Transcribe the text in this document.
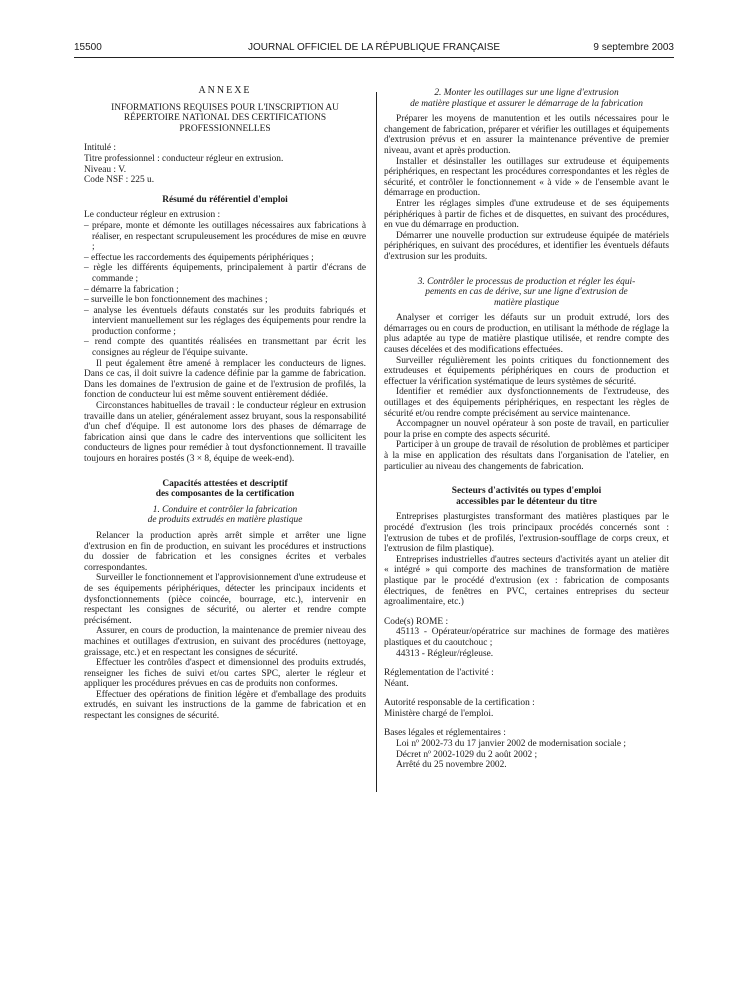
15500	JOURNAL OFFICIEL DE LA RÉPUBLIQUE FRANÇAISE	9 septembre 2003
ANNEXE

INFORMATIONS REQUISES POUR L'INSCRIPTION AU RÉPERTOIRE NATIONAL DES CERTIFICATIONS PROFESSIONNELLES

Intitulé :

Titre professionnel : conducteur régleur en extrusion.

Niveau : V.

Code NSF : 225 u.

Résumé du référentiel d'emploi

Le conducteur régleur en extrusion :

– prépare, monte et démonte les outillages nécessaires aux fabrications à réaliser, en respectant scrupuleusement les procédures de mise en œuvre ;
– effectue les raccordements des équipements périphériques ;
– règle les différents équipements, principalement à partir d'écrans de commande ;
– démarre la fabrication ;
– surveille le bon fonctionnement des machines ;
– analyse les éventuels défauts constatés sur les produits fabriqués et intervient manuellement sur les réglages des équipements pour rendre la production conforme ;
– rend compte des quantités réalisées en transmettant par écrit les consignes au régleur de l'équipe suivante.

Il peut également être amené à remplacer les conducteurs de lignes. Dans ce cas, il doit suivre la cadence définie par la gamme de fabrication. Dans les domaines de l'extrusion de gaine et de l'extrusion de profilés, la fonction de conducteur lui est même souvent entièrement dédiée.

Circonstances habituelles de travail : le conducteur régleur en extrusion travaille dans un atelier, généralement assez bruyant, sous la responsabilité d'un chef d'équipe. Il est autonome lors des phases de démarrage de fabrication ainsi que dans le cadre des interventions que sollicitent les conducteurs de lignes pour remédier à tout dysfonctionnement. Il travaille toujours en horaires postés (3 × 8, équipe de week-end).

Capacités attestées et descriptif

des composantes de la certification

1. Conduire et contrôler la fabrication

de produits extrudés en matière plastique

Relancer la production après arrêt simple et arrêter une ligne d'extrusion en fin de production, en suivant les procédures et instructions du dossier de fabrication et les consignes écrites et verbales correspondantes.

Surveiller le fonctionnement et l'approvisionnement d'une extrudeuse et de ses équipements périphériques, détecter les principaux incidents et dysfonctionnements (pièce coincée, bourrage, etc.), intervenir en respectant les consignes de sécurité, ou alerter et rendre compte précisément.

Assurer, en cours de production, la maintenance de premier niveau des machines et outillages d'extrusion, en suivant des procédures (nettoyage, graissage, etc.) et en respectant les consignes de sécurité.

Effectuer les contrôles d'aspect et dimensionnel des produits extrudés, renseigner les fiches de suivi et/ou cartes SPC, alerter le régleur et appliquer les procédures prévues en cas de produits non conformes.

Effectuer des opérations de finition légère et d'emballage des produits extrudés, en suivant les instructions de la gamme de fabrication et en respectant les consignes de sécurité.

2. Monter les outillages sur une ligne d'extrusion

de matière plastique et assurer le démarrage de la fabrication

Préparer les moyens de manutention et les outils nécessaires pour le changement de fabrication, préparer et vérifier les outillages et équipements d'extrusion prévus et en assurer la maintenance préventive de premier niveau, avant et après production.

Installer et désinstaller les outillages sur extrudeuse et équipements périphériques, en respectant les procédures correspondantes et les règles de sécurité, et contrôler le fonctionnement « à vide » de l'ensemble avant le démarrage en production.

Entrer les réglages simples d'une extrudeuse et de ses équipements périphériques à partir de fiches et de disquettes, en suivant des procédures, en vue du démarrage en production.

Démarrer une nouvelle production sur extrudeuse équipée de matériels périphériques, en suivant des procédures, et identifier les éventuels défauts d'extrusion sur les produits.

3. Contrôler le processus de production et régler les équi-

pements en cas de dérive, sur une ligne d'extrusion de

matière plastique

Analyser et corriger les défauts sur un produit extrudé, lors des démarrages ou en cours de production, en utilisant la méthode de réglage la plus adaptée au type de matière plastique utilisée, et rendre compte des causes décelées et des modifications effectuées.

Surveiller régulièrement les points critiques du fonctionnement des extrudeuses et équipements périphériques en cours de production et effectuer la vérification systématique de leurs systèmes de sécurité.

Identifier et remédier aux dysfonctionnements de l'extrudeuse, des outillages et des équipements périphériques, en respectant les règles de sécurité et/ou rendre compte précisément au service maintenance.

Accompagner un nouvel opérateur à son poste de travail, en particulier pour la prise en compte des aspects sécurité.

Participer à un groupe de travail de résolution de problèmes et participer à la mise en application des résultats dans l'organisation de l'atelier, en particulier au niveau des changements de fabrication.

Secteurs d'activités ou types d'emploi

accessibles par le détenteur du titre

Entreprises plasturgistes transformant des matières plastiques par le procédé d'extrusion (les trois principaux procédés concernés sont : l'extrusion de tubes et de profilés, l'extrusion-soufflage de corps creux, et l'extrusion de film plastique).

Entreprises industrielles d'autres secteurs d'activités ayant un atelier dit « intégré » qui comporte des machines de transformation de matière plastique par le procédé d'extrusion (ex : fabrication de composants électriques, de fenêtres en PVC, certaines entreprises du secteur agroalimentaire, etc.)

Code(s) ROME :

45113 - Opérateur/opératrice sur machines de formage des matières plastiques et du caoutchouc ;

44313 - Régleur/régleuse.

Réglementation de l'activité :

Néant.

Autorité responsable de la certification :

Ministère chargé de l'emploi.

Bases légales et réglementaires :

Loi nº 2002-73 du 17 janvier 2002 de modernisation sociale ;

Décret nº 2002-1029 du 2 août 2002 ;

Arrêté du 25 novembre 2002.
